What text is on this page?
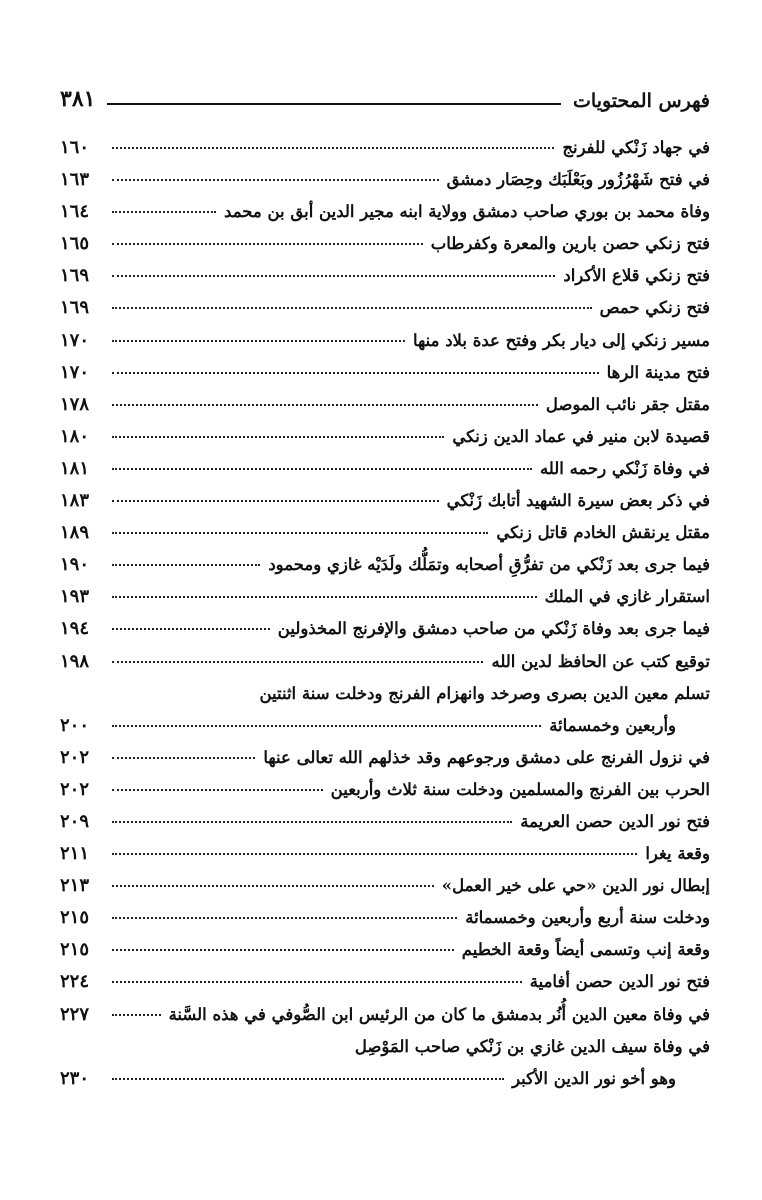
فهرس المحتويات
٣٨١
في جهاد زَنْكي للفرنج
١٦٠
في فتح شَهْرُزُور وبَعْلَبَك وحِصَار دمشق
١٦٣
وفاة محمد بن بوري صاحب دمشق وولاية ابنه مجير الدين أبق بن محمد
١٦٤
فتح زنكي حصن بارين والمعرة وكفرطاب
١٦٥
فتح زنكي قلاع الأكراد
١٦٩
فتح زنكي حمص
١٦٩
مسير زنكي إلى ديار بكر وفتح عدة بلاد منها
١٧٠
فتح مدينة الرها
١٧٠
مقتل جقر نائب الموصل
١٧٨
قصيدة لابن منير في عماد الدين زنكي
١٨٠
في وفاة زَنْكي رحمه الله
١٨١
في ذكر بعض سيرة الشهيد أتابك زَنْكي
١٨٣
مقتل يرنقش الخادم قاتل زنكي
١٨٩
فيما جرى بعد زَنْكي من تفرُّقِ أصحابه وتمَلُّك ولَدَيْه غازي ومحمود
١٩٠
استقرار غازي في الملك
١٩٣
فيما جرى بعد وفاة زَنْكي من صاحب دمشق والإفرنج المخذولين
١٩٤
توقيع كتب عن الحافظ لدين الله
١٩٨
تسلم معين الدين بصرى وصرخد وانهزام الفرنج ودخلت سنة اثنتين
وأربعين وخمسمائة
٢٠٠
في نزول الفرنج على دمشق ورجوعهم وقد خذلهم الله تعالى عنها
٢٠٢
الحرب بين الفرنج والمسلمين ودخلت سنة ثلاث وأربعين
٢٠٢
فتح نور الدين حصن العريمة
٢٠٩
وقعة يغرا
٢١١
إبطال نور الدين «حي على خير العمل»
٢١٣
ودخلت سنة أربع وأربعين وخمسمائة
٢١٥
وقعة إنب وتسمى أيضاً وقعة الخطيم
٢١٥
فتح نور الدين حصن أفامية
٢٢٤
في وفاة معين الدين أُنُر بدمشق ما كان من الرئيس ابن الصُّوفي في هذه السَّنة
٢٢٧
في وفاة سيف الدين غازي بن زَنْكي صاحب المَوْصِل
وهو أخو نور الدين الأكبر
٢٣٠
